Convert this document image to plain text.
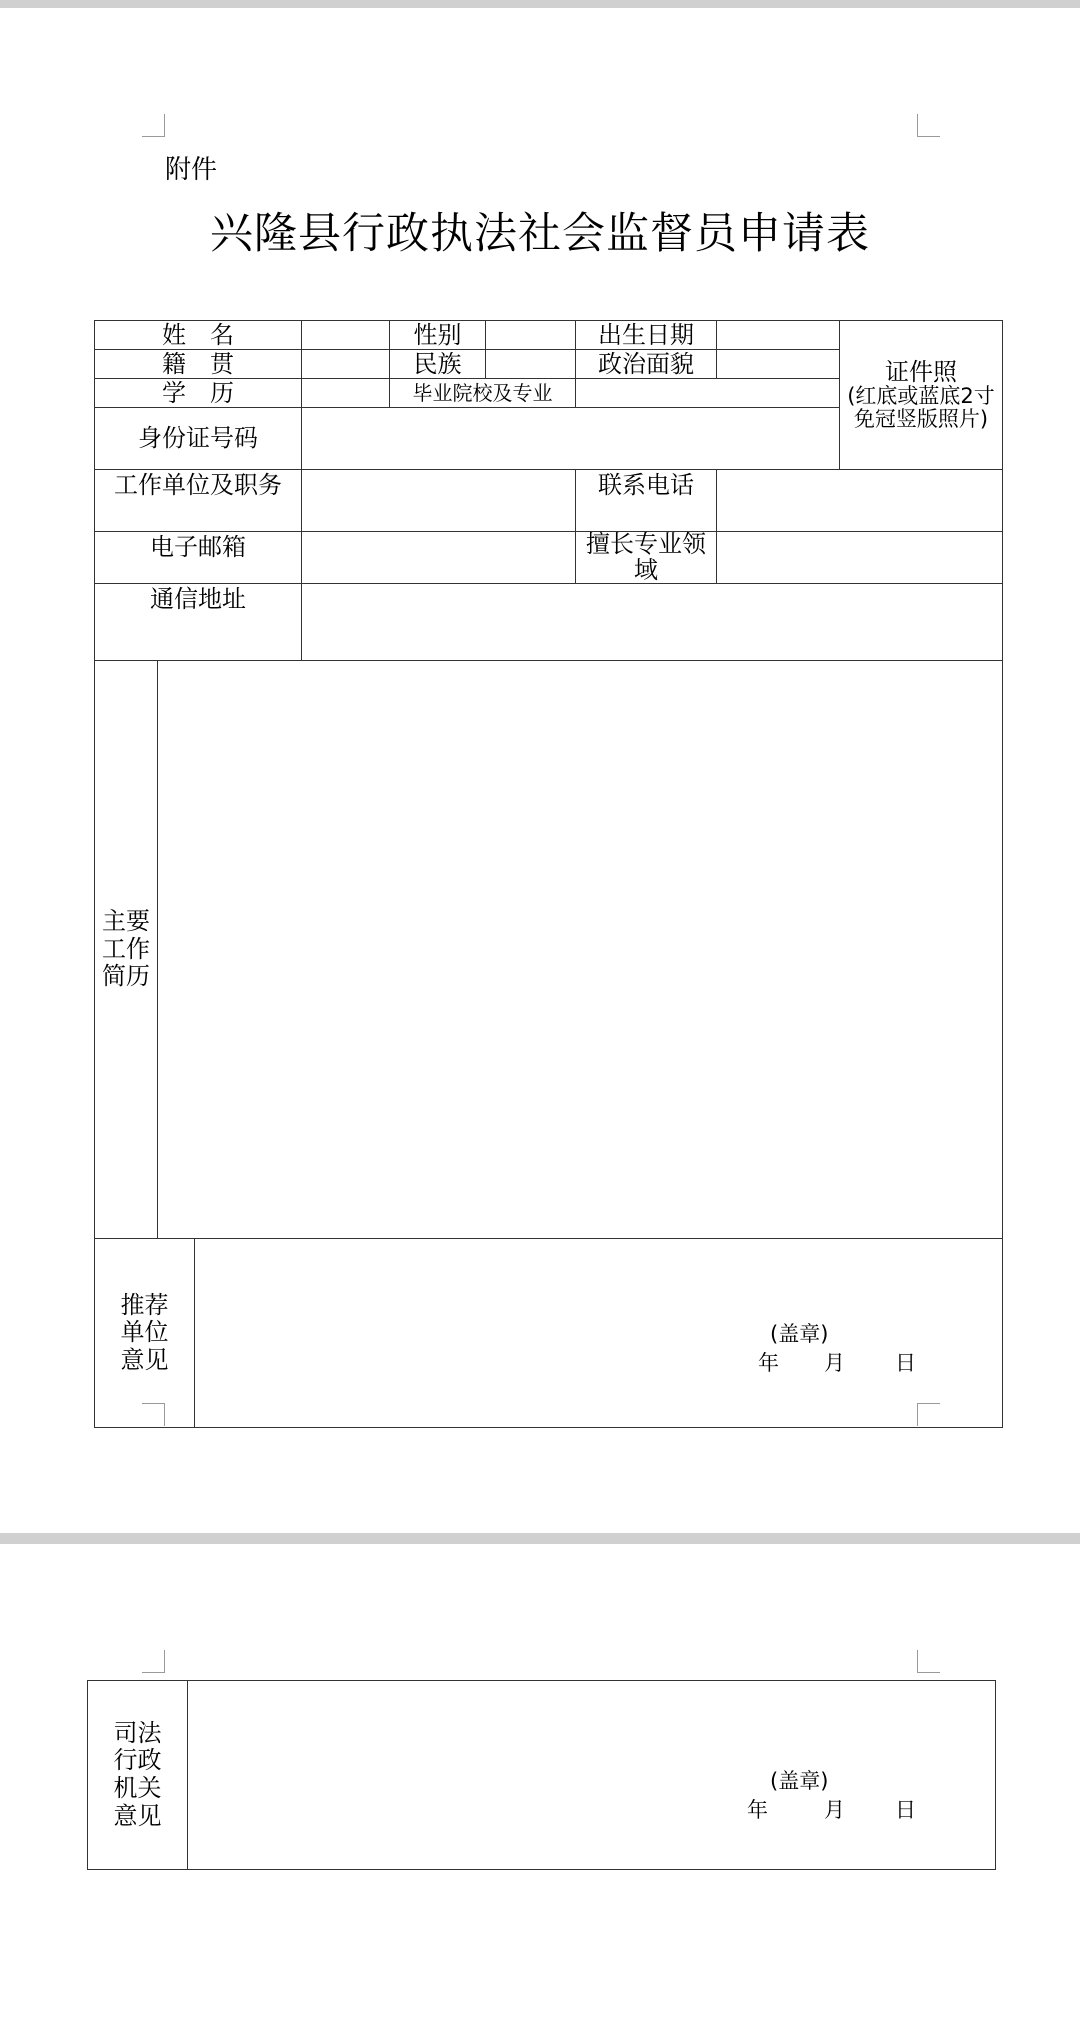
附件
兴隆县行政执法社会监督员申请表
姓　名				性别		出生日期		证件照
(红底或蓝底2寸免冠竖版照片)

籍　贯				民族		政治面貌		
学　历				毕业院校及专业				
身份证号码								
工作单位及职务						联系电话		
电子邮箱						擅长专业领域		

通信地址								

主要工作简历								

推荐单位意见								

(盖章)
年 月 日
司法行政机关意见

(盖章)
年	月 日
